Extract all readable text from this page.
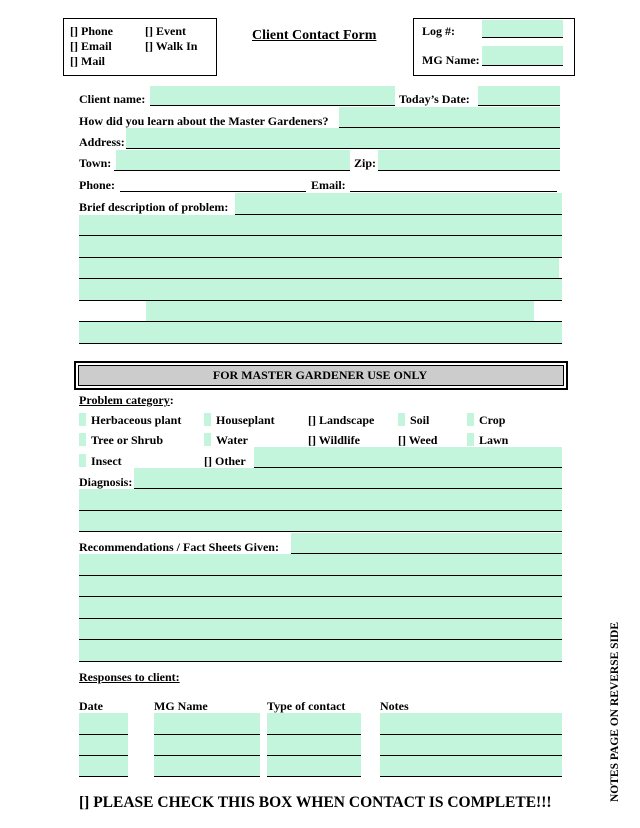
[] Phone
[] Email
[] Mail
[] Event
[] Walk In
Client Contact Form	Log #:
MG Name:
Client name:	Today’s Date:
How did you learn about the Master Gardeners?
Address:
Town:	Zip:
Phone:	Email:
Brief description of problem:
FOR MASTER GARDENER USE ONLY
Problem category:
Herbaceous plant	Houseplant	[] Landscape	Soil	Crop
Tree or Shrub	Water	[] Wildlife	[] Weed	Lawn
Insect	[] Other
Diagnosis:
Recommendations / Fact Sheets Given:
Responses to client:
Date	MG Name	Type of contact	Notes
[] PLEASE CHECK THIS BOX WHEN CONTACT IS COMPLETE!!!
NOTES PAGE ON REVERSE SIDE
